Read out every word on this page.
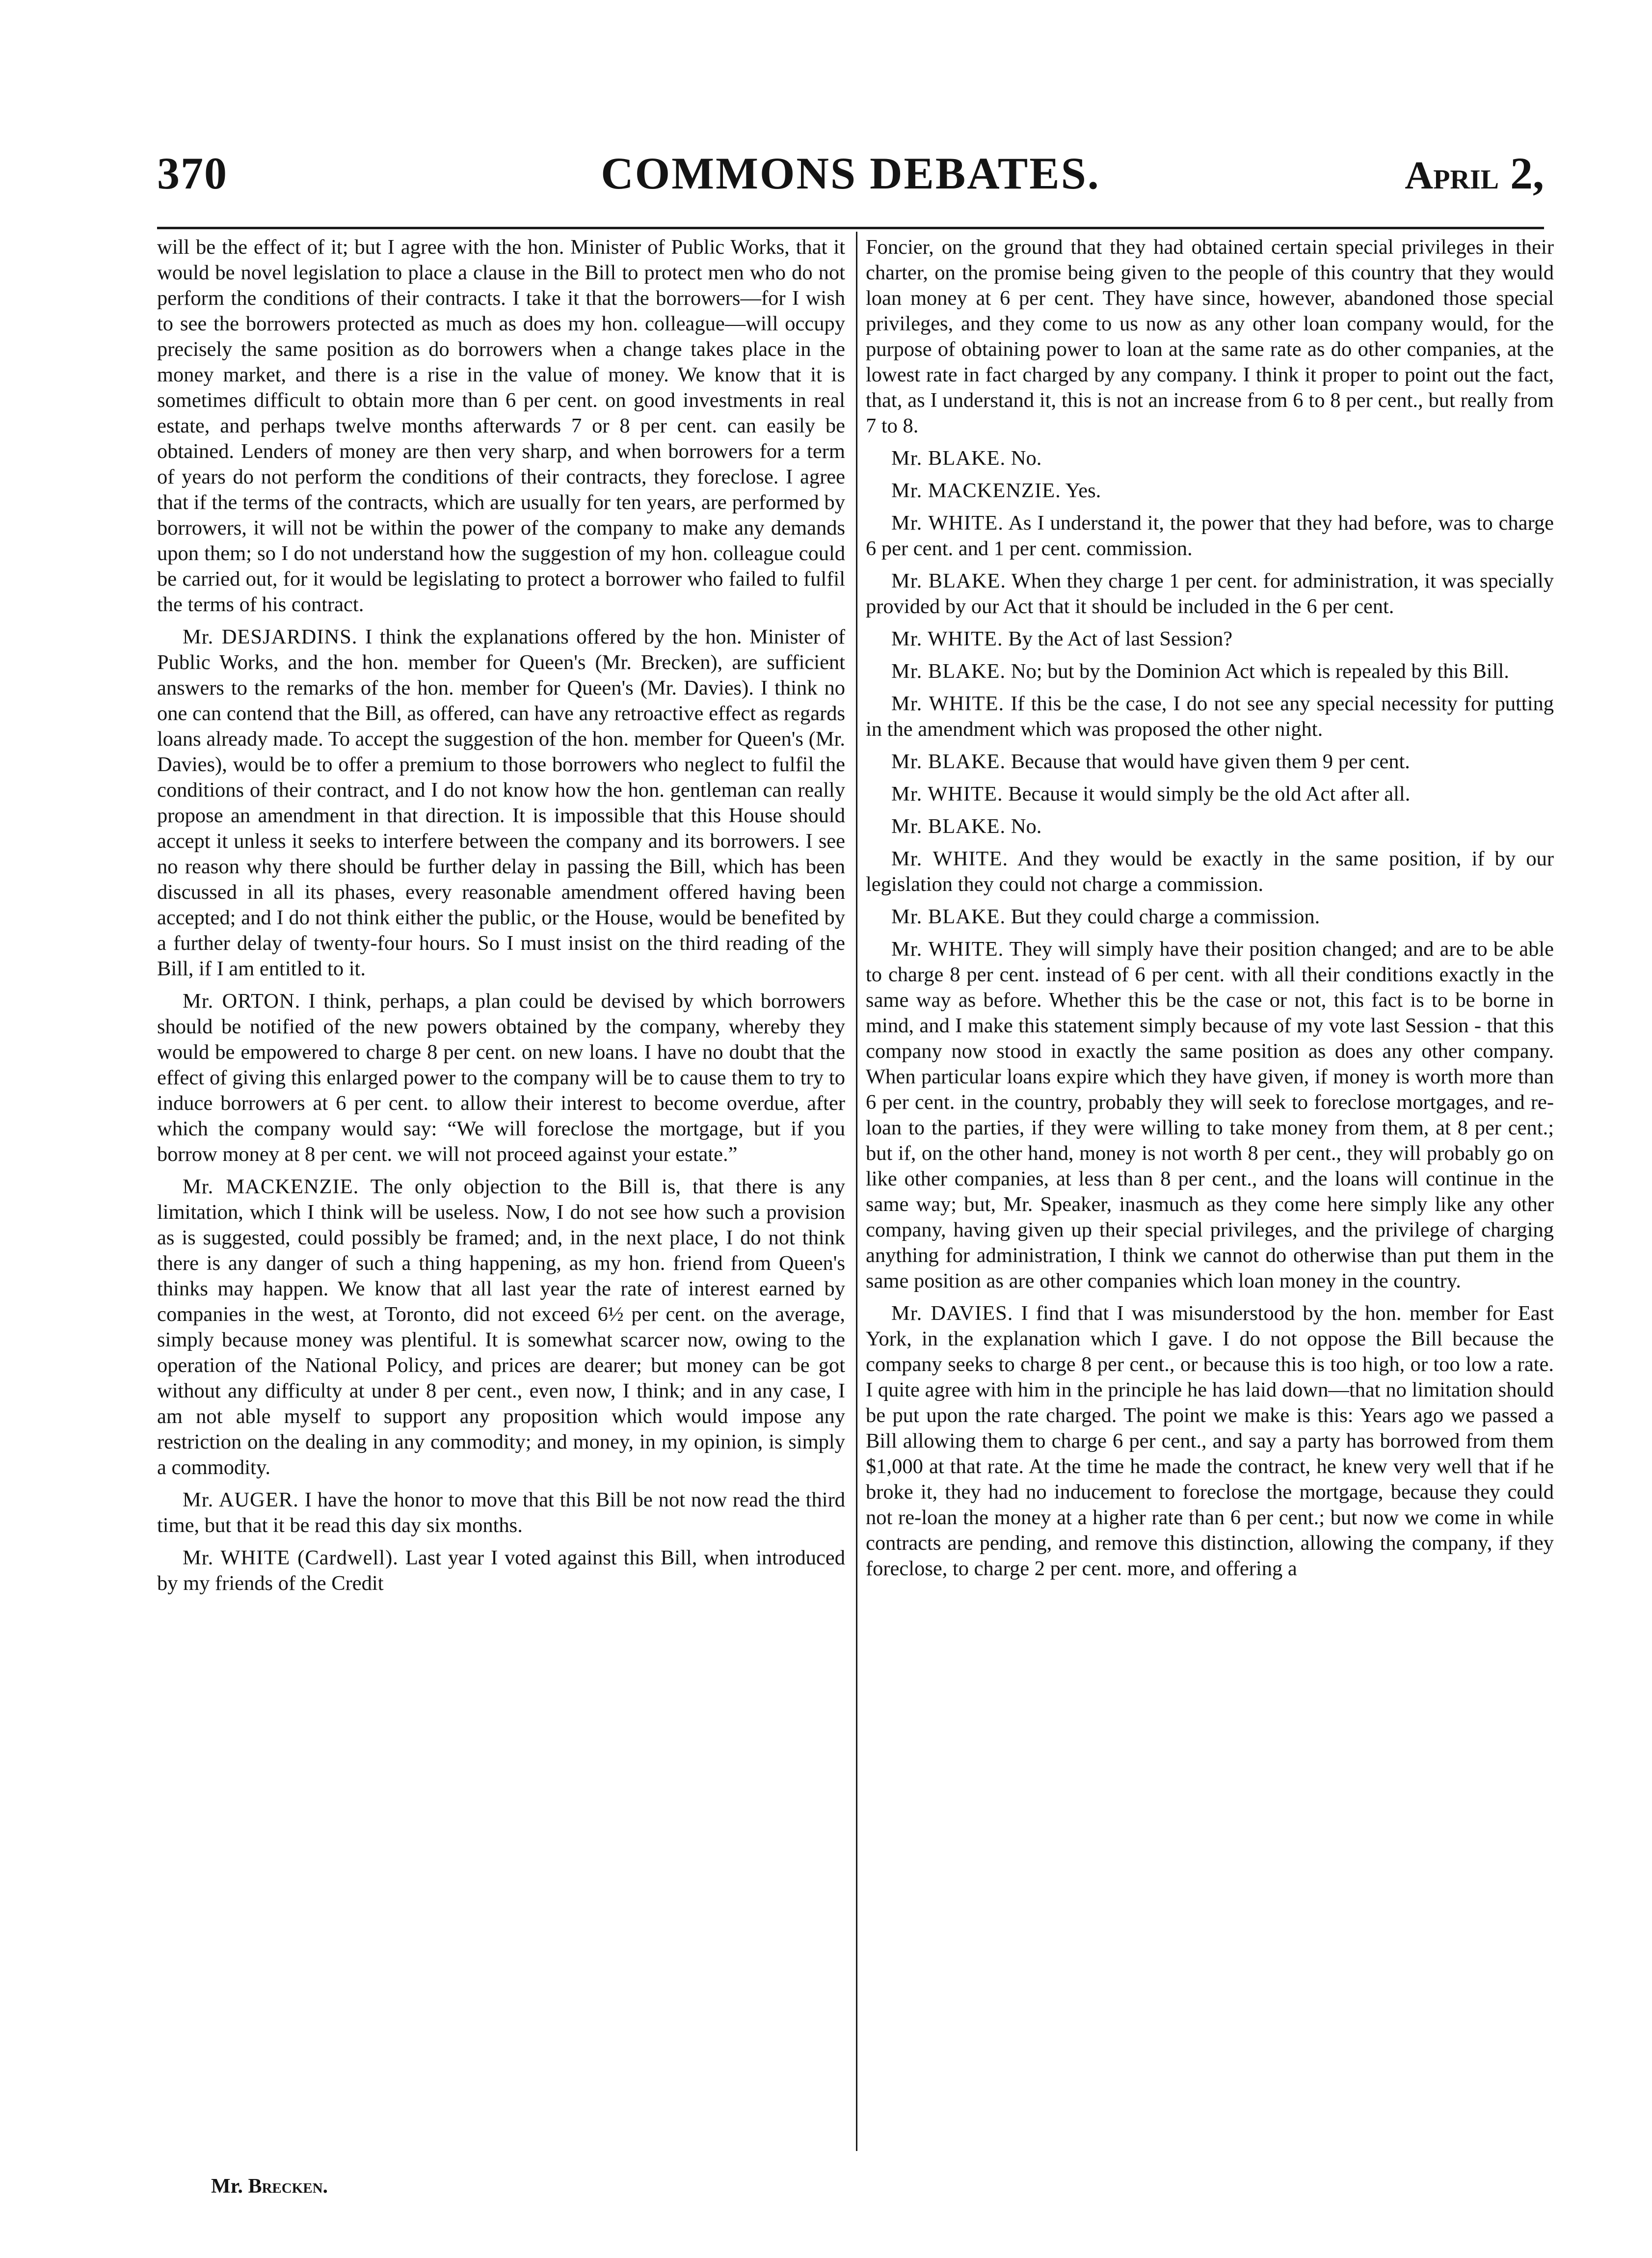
COMMONS DEBATES.
370	April 2,

will be the effect of it; but I agree with the hon. Minister of Public Works, that it would be novel legislation to place a clause in the Bill to protect men who do not perform the conditions of their contracts. I take it that the borrowers—for I wish to see the borrowers protected as much as does my hon. colleague—will occupy precisely the same position as do borrowers when a change takes place in the money market, and there is a rise in the value of money. We know that it is sometimes difficult to obtain more than 6 per cent. on good investments in real estate, and perhaps twelve months afterwards 7 or 8 per cent. can easily be obtained. Lenders of money are then very sharp, and when borrowers for a term of years do not perform the conditions of their contracts, they foreclose. I agree that if the terms of the contracts, which are usually for ten years, are performed by borrowers, it will not be within the power of the company to make any demands upon them; so I do not understand how the suggestion of my hon. colleague could be carried out, for it would be legislating to protect a borrower who failed to fulfil the terms of his contract.

Mr. DESJARDINS. I think the explanations offered by the hon. Minister of Public Works, and the hon. member for Queen's (Mr. Brecken), are sufficient answers to the remarks of the hon. member for Queen's (Mr. Davies). I think no one can contend that the Bill, as offered, can have any retroactive effect as regards loans already made. To accept the suggestion of the hon. member for Queen's (Mr. Davies), would be to offer a premium to those borrowers who neglect to fulfil the conditions of their contract, and I do not know how the hon. gentleman can really propose an amendment in that direction. It is impossible that this House should accept it unless it seeks to interfere between the company and its borrowers. I see no reason why there should be further delay in passing the Bill, which has been discussed in all its phases, every reasonable amendment offered having been accepted; and I do not think either the public, or the House, would be benefited by a further delay of twenty-four hours. So I must insist on the third reading of the Bill, if I am entitled to it.

Mr. ORTON. I think, perhaps, a plan could be devised by which borrowers should be notified of the new powers obtained by the company, whereby they would be empowered to charge 8 per cent. on new loans. I have no doubt that the effect of giving this enlarged power to the company will be to cause them to try to induce borrowers at 6 per cent. to allow their interest to become overdue, after which the company would say: “We will foreclose the mortgage, but if you borrow money at 8 per cent. we will not proceed against your estate.”

Mr. MACKENZIE. The only objection to the Bill is, that there is any limitation, which I think will be useless. Now, I do not see how such a provision as is suggested, could possibly be framed; and, in the next place, I do not think there is any danger of such a thing happening, as my hon. friend from Queen's thinks may happen. We know that all last year the rate of interest earned by companies in the west, at Toronto, did not exceed 6½ per cent. on the average, simply because money was plentiful. It is somewhat scarcer now, owing to the operation of the National Policy, and prices are dearer; but money can be got without any difficulty at under 8 per cent., even now, I think; and in any case, I am not able myself to support any proposition which would impose any restriction on the dealing in any commodity; and money, in my opinion, is simply a commodity.

Mr. AUGER. I have the honor to move that this Bill be not now read the third time, but that it be read this day six months.

Mr. WHITE (Cardwell). Last year I voted against this Bill, when introduced by my friends of the Credit

Foncier, on the ground that they had obtained certain special privileges in their charter, on the promise being given to the people of this country that they would loan money at 6 per cent. They have since, however, abandoned those special privileges, and they come to us now as any other loan company would, for the purpose of obtaining power to loan at the same rate as do other companies, at the lowest rate in fact charged by any company. I think it proper to point out the fact, that, as I understand it, this is not an increase from 6 to 8 per cent., but really from 7 to 8.

Mr. BLAKE. No.

Mr. MACKENZIE. Yes.

Mr. WHITE. As I understand it, the power that they had before, was to charge 6 per cent. and 1 per cent. commission.

Mr. BLAKE. When they charge 1 per cent. for administration, it was specially provided by our Act that it should be included in the 6 per cent.

Mr. WHITE. By the Act of last Session?

Mr. BLAKE. No; but by the Dominion Act which is repealed by this Bill.

Mr. WHITE. If this be the case, I do not see any special necessity for putting in the amendment which was proposed the other night.

Mr. BLAKE. Because that would have given them 9 per cent.

Mr. WHITE. Because it would simply be the old Act after all.

Mr. BLAKE. No.

Mr. WHITE. And they would be exactly in the same position, if by our legislation they could not charge a commission.

Mr. BLAKE. But they could charge a commission.

Mr. WHITE. They will simply have their position changed; and are to be able to charge 8 per cent. instead of 6 per cent. with all their conditions exactly in the same way as before. Whether this be the case or not, this fact is to be borne in mind, and I make this statement simply because of my vote last Session - that this company now stood in exactly the same position as does any other company. When particular loans expire which they have given, if money is worth more than 6 per cent. in the country, probably they will seek to foreclose mortgages, and re-loan to the parties, if they were willing to take money from them, at 8 per cent.; but if, on the other hand, money is not worth 8 per cent., they will probably go on like other companies, at less than 8 per cent., and the loans will continue in the same way; but, Mr. Speaker, inasmuch as they come here simply like any other company, having given up their special privileges, and the privilege of charging anything for administration, I think we cannot do otherwise than put them in the same position as are other companies which loan money in the country.

Mr. DAVIES. I find that I was misunderstood by the hon. member for East York, in the explanation which I gave. I do not oppose the Bill because the company seeks to charge 8 per cent., or because this is too high, or too low a rate. I quite agree with him in the principle he has laid down—that no limitation should be put upon the rate charged. The point we make is this: Years ago we passed a Bill allowing them to charge 6 per cent., and say a party has borrowed from them $1,000 at that rate. At the time he made the contract, he knew very well that if he broke it, they had no inducement to foreclose the mortgage, because they could not re-loan the money at a higher rate than 6 per cent.; but now we come in while contracts are pending, and remove this distinction, allowing the company, if they foreclose, to charge 2 per cent. more, and offering a

Mr. Brecken.
